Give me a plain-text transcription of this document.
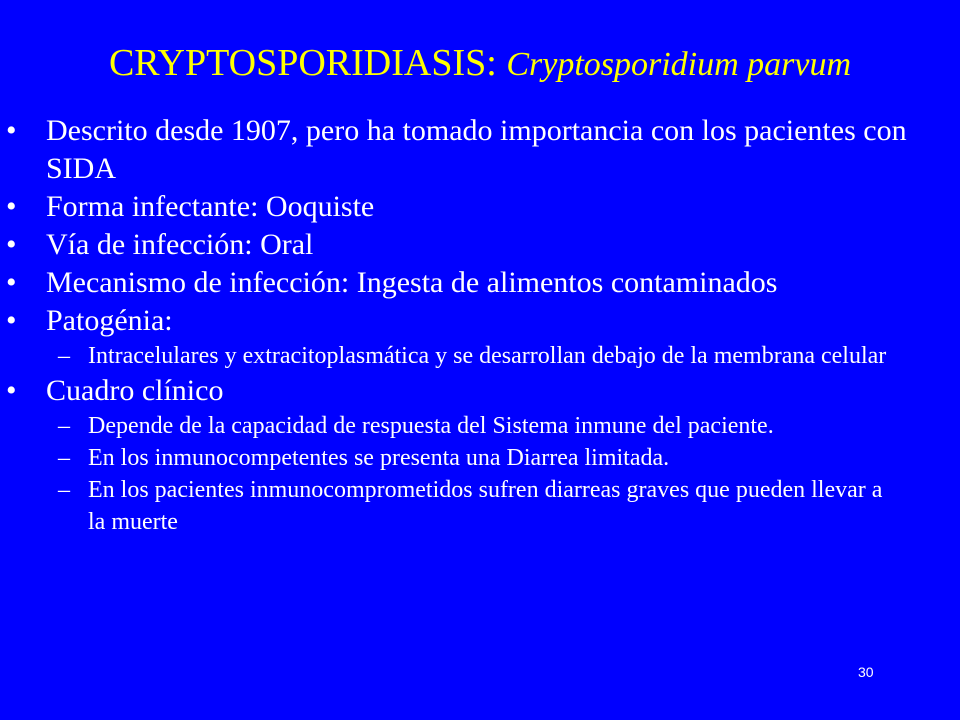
CRYPTOSPORIDIASIS: Cryptosporidium parvum
• Descrito desde 1907, pero ha tomado importancia con los pacientes con SIDA
• Forma infectante: Ooquiste
• Vía de infección: Oral
• Mecanismo de infección: Ingesta de alimentos contaminados
• Patogénia:
– Intracelulares y extracitoplasmática y se desarrollan debajo de la membrana celular
• Cuadro clínico
– Depende de la capacidad de respuesta del Sistema inmune del paciente.
– En los inmunocompetentes se presenta una Diarrea limitada.
– En los pacientes inmunocomprometidos sufren diarreas graves que pueden llevar a la muerte
30
